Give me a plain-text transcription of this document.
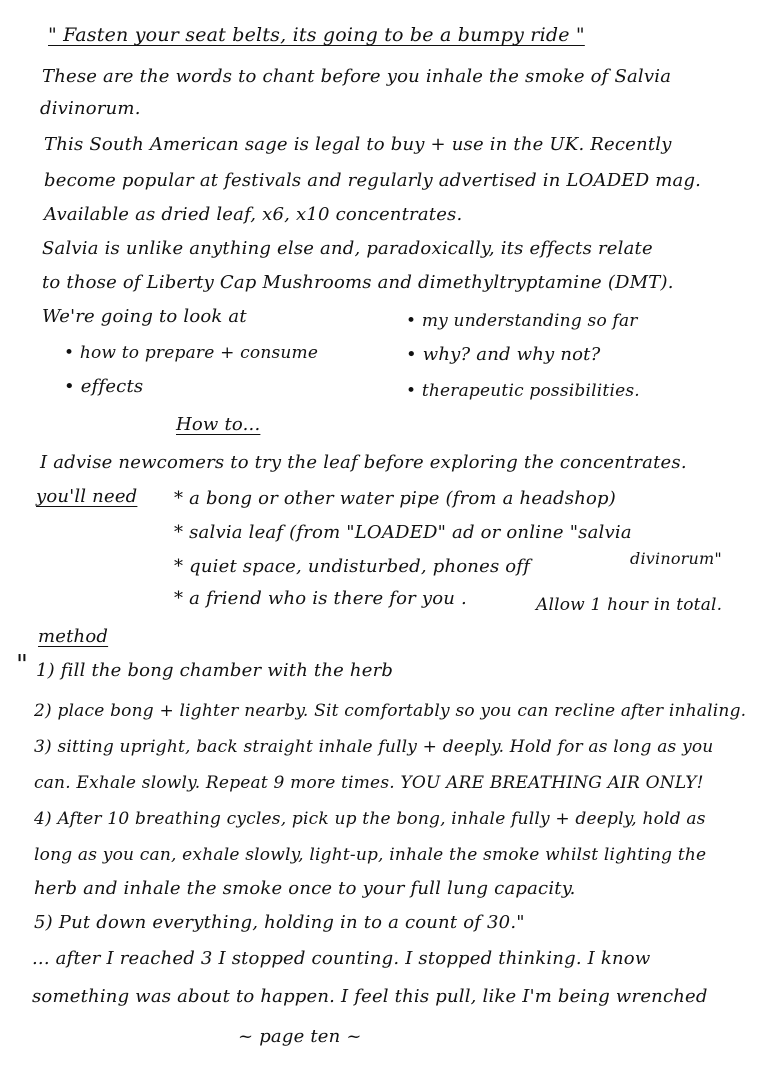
" Fasten your seat belts, its going to be a bumpy ride "
These are the words to chant before you inhale the smoke of Salvia
divinorum.
This South American sage is legal to buy + use in the UK. Recently
become popular at festivals and regularly advertised in LOADED mag.
Available as dried leaf, x6, x10 concentrates.
Salvia is unlike anything else and, paradoxically, its effects relate
to those of Liberty Cap Mushrooms and dimethyltryptamine (DMT).
We're going to look at
• how to prepare + consume
• effects
• my understanding so far
• why? and why not?
• therapeutic possibilities.
How to...
I advise newcomers to try the leaf before exploring the concentrates.
you'll need * a bong or other water pipe (from a headshop)
* salvia leaf (from "LOADED" ad or online "salvia
divinorum"
* quiet space, undisturbed, phones off
* a friend who is there for you .	Allow 1 hour in total.
method
" 1) fill the bong chamber with the herb
2) place bong + lighter nearby. Sit comfortably so you can recline after inhaling.
3) sitting upright, back straight inhale fully + deeply. Hold for as long as you
can. Exhale slowly. Repeat 9 more times. YOU ARE BREATHING AIR ONLY!
4) After 10 breathing cycles, pick up the bong, inhale fully + deeply, hold as
long as you can, exhale slowly, light-up, inhale the smoke whilst lighting the
herb and inhale the smoke once to your full lung capacity.
5) Put down everything, holding in to a count of 30."
... after I reached 3 I stopped counting. I stopped thinking. I know
something was about to happen. I feel this pull, like I'm being wrenched
~ page ten ~
